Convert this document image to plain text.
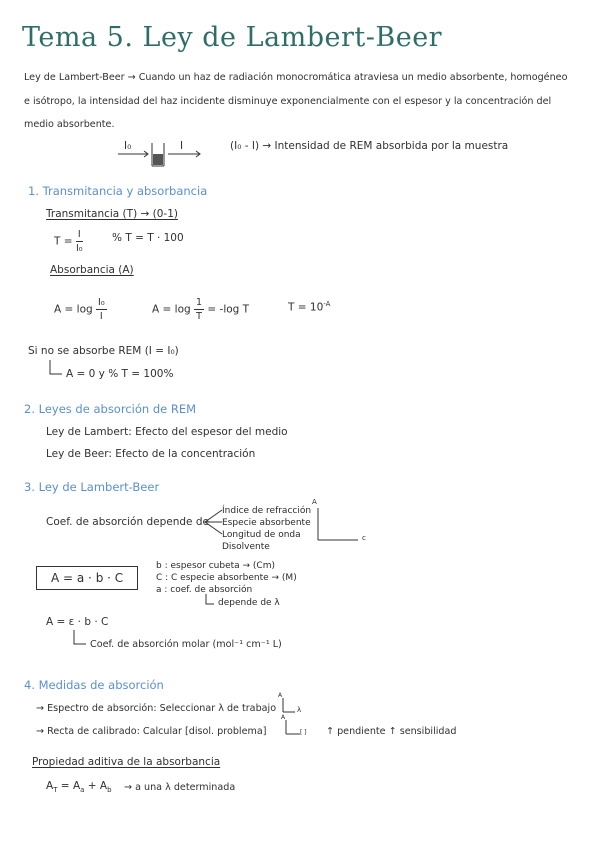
Tema 5. Ley de Lambert-Beer
Ley de Lambert-Beer → Cuando un haz de radiación monocromática atraviesa un medio absorbente, homogéneo
e isótropo, la intensidad del haz incidente disminuye exponencialmente con el espesor y la concentración del
medio absorbente.
I₀	I	(I₀ - I) → Intensidad de REM absorbida por la muestra
1. Transmitancia y absorbancia
Transmitancia (T) → (0-1)
$T = \frac{I}{\text{I₀}}$	% T = T · 100
Absorbancia (A)
$A = \log \frac{\text{I₀}}{I}$	$A = \log \frac{1}{T} = -\log$ T	$T = 10^{-A}$
Si no se absorbe REM (I = I₀)
A = 0 y % T = 100%
2. Leyes de absorción de REM
Ley de Lambert: Efecto del espesor del medio
Ley de Beer: Efecto de la concentración
3. Ley de Lambert-Beer
Coef. de absorción depende de
Índice de refracción
Especie absorbente
Longitud de onda
Disolvente
A
c
A = a · b · C
b : espesor cubeta → (Cm)
C : C especie absorbente → (M)
a : coef. de absorción
depende de λ
A = ε · b · C
Coef. de absorción molar (mol⁻¹ cm⁻¹ L)
4. Medidas de absorción
→ Espectro de absorción: Seleccionar λ de trabajo
A
λ
→ Recta de calibrado: Calcular [disol. problema]
A
[ ] ↑ pendiente ↑ sensibilidad
Propiedad aditiva de la absorbancia
$A_T = A_a + A_b \to a$ una λ determinada
